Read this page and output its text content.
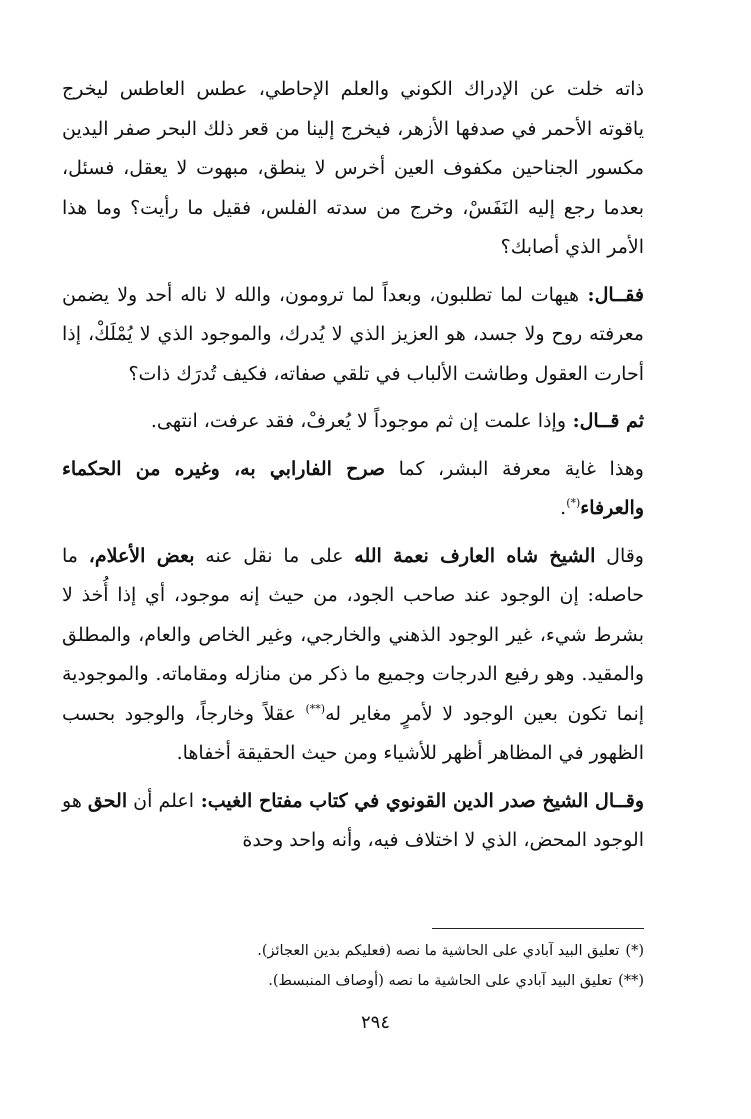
ذاته خلت عن الإدراك الكوني والعلم الإحاطي، عطس العاطس ليخرج ياقوته الأحمر في صدفها الأزهر، فيخرج إلينا من قعر ذلك البحر صفر اليدين مكسور الجناحين مكفوف العين أخرس لا ينطق، مبهوت لا يعقل، فسئل، بعدما رجع إليه النَفَسْ، وخرج من سدته الفلس، فقيل ما رأيت؟ وما هذا الأمر الذي أصابك؟

فقــال: هيهات لما تطلبون، وبعداً لما ترومون، والله لا ناله أحد ولا يضمن معرفته روح ولا جسد، هو العزيز الذي لا يُدرك، والموجود الذي لا يُمْلَكْ، إذا أحارت العقول وطاشت الألباب في تلقي صفاته، فكيف تُدرَك ذات؟

ثم قــال: وإذا علمت إن ثم موجوداً لا يُعرفْ، فقد عرفت، انتهى.

وهذا غاية معرفة البشر، كما صرح الفارابي به، وغيره من الحكماء والعرفاء(*).

وقال الشيخ شاه العارف نعمة الله على ما نقل عنه بعض الأعلام، ما حاصله: إن الوجود عند صاحب الجود، من حيث إنه موجود، أي إذا أُخذ لا بشرط شيء، غير الوجود الذهني والخارجي، وغير الخاص والعام، والمطلق والمقيد. وهو رفيع الدرجات وجميع ما ذكر من منازله ومقاماته. والموجودية إنما تكون بعين الوجود لا لأمرٍ مغاير له(**) عقلاً وخارجاً، والوجود بحسب الظهور في المظاهر أظهر للأشياء ومن حيث الحقيقة أخفاها.

وقــال الشيخ صدر الدين القونوي في كتاب مفتاح الغيب: اعلم أن الحق هو الوجود المحض، الذي لا اختلاف فيه، وأنه واحد وحدة

(*)تعليق البيد آبادي على الحاشية ما نصه (فعليكم بدين العجائز).
(**)تعليق البيد آبادي على الحاشية ما نصه (أوصاف المنبسط).
٢٩٤
